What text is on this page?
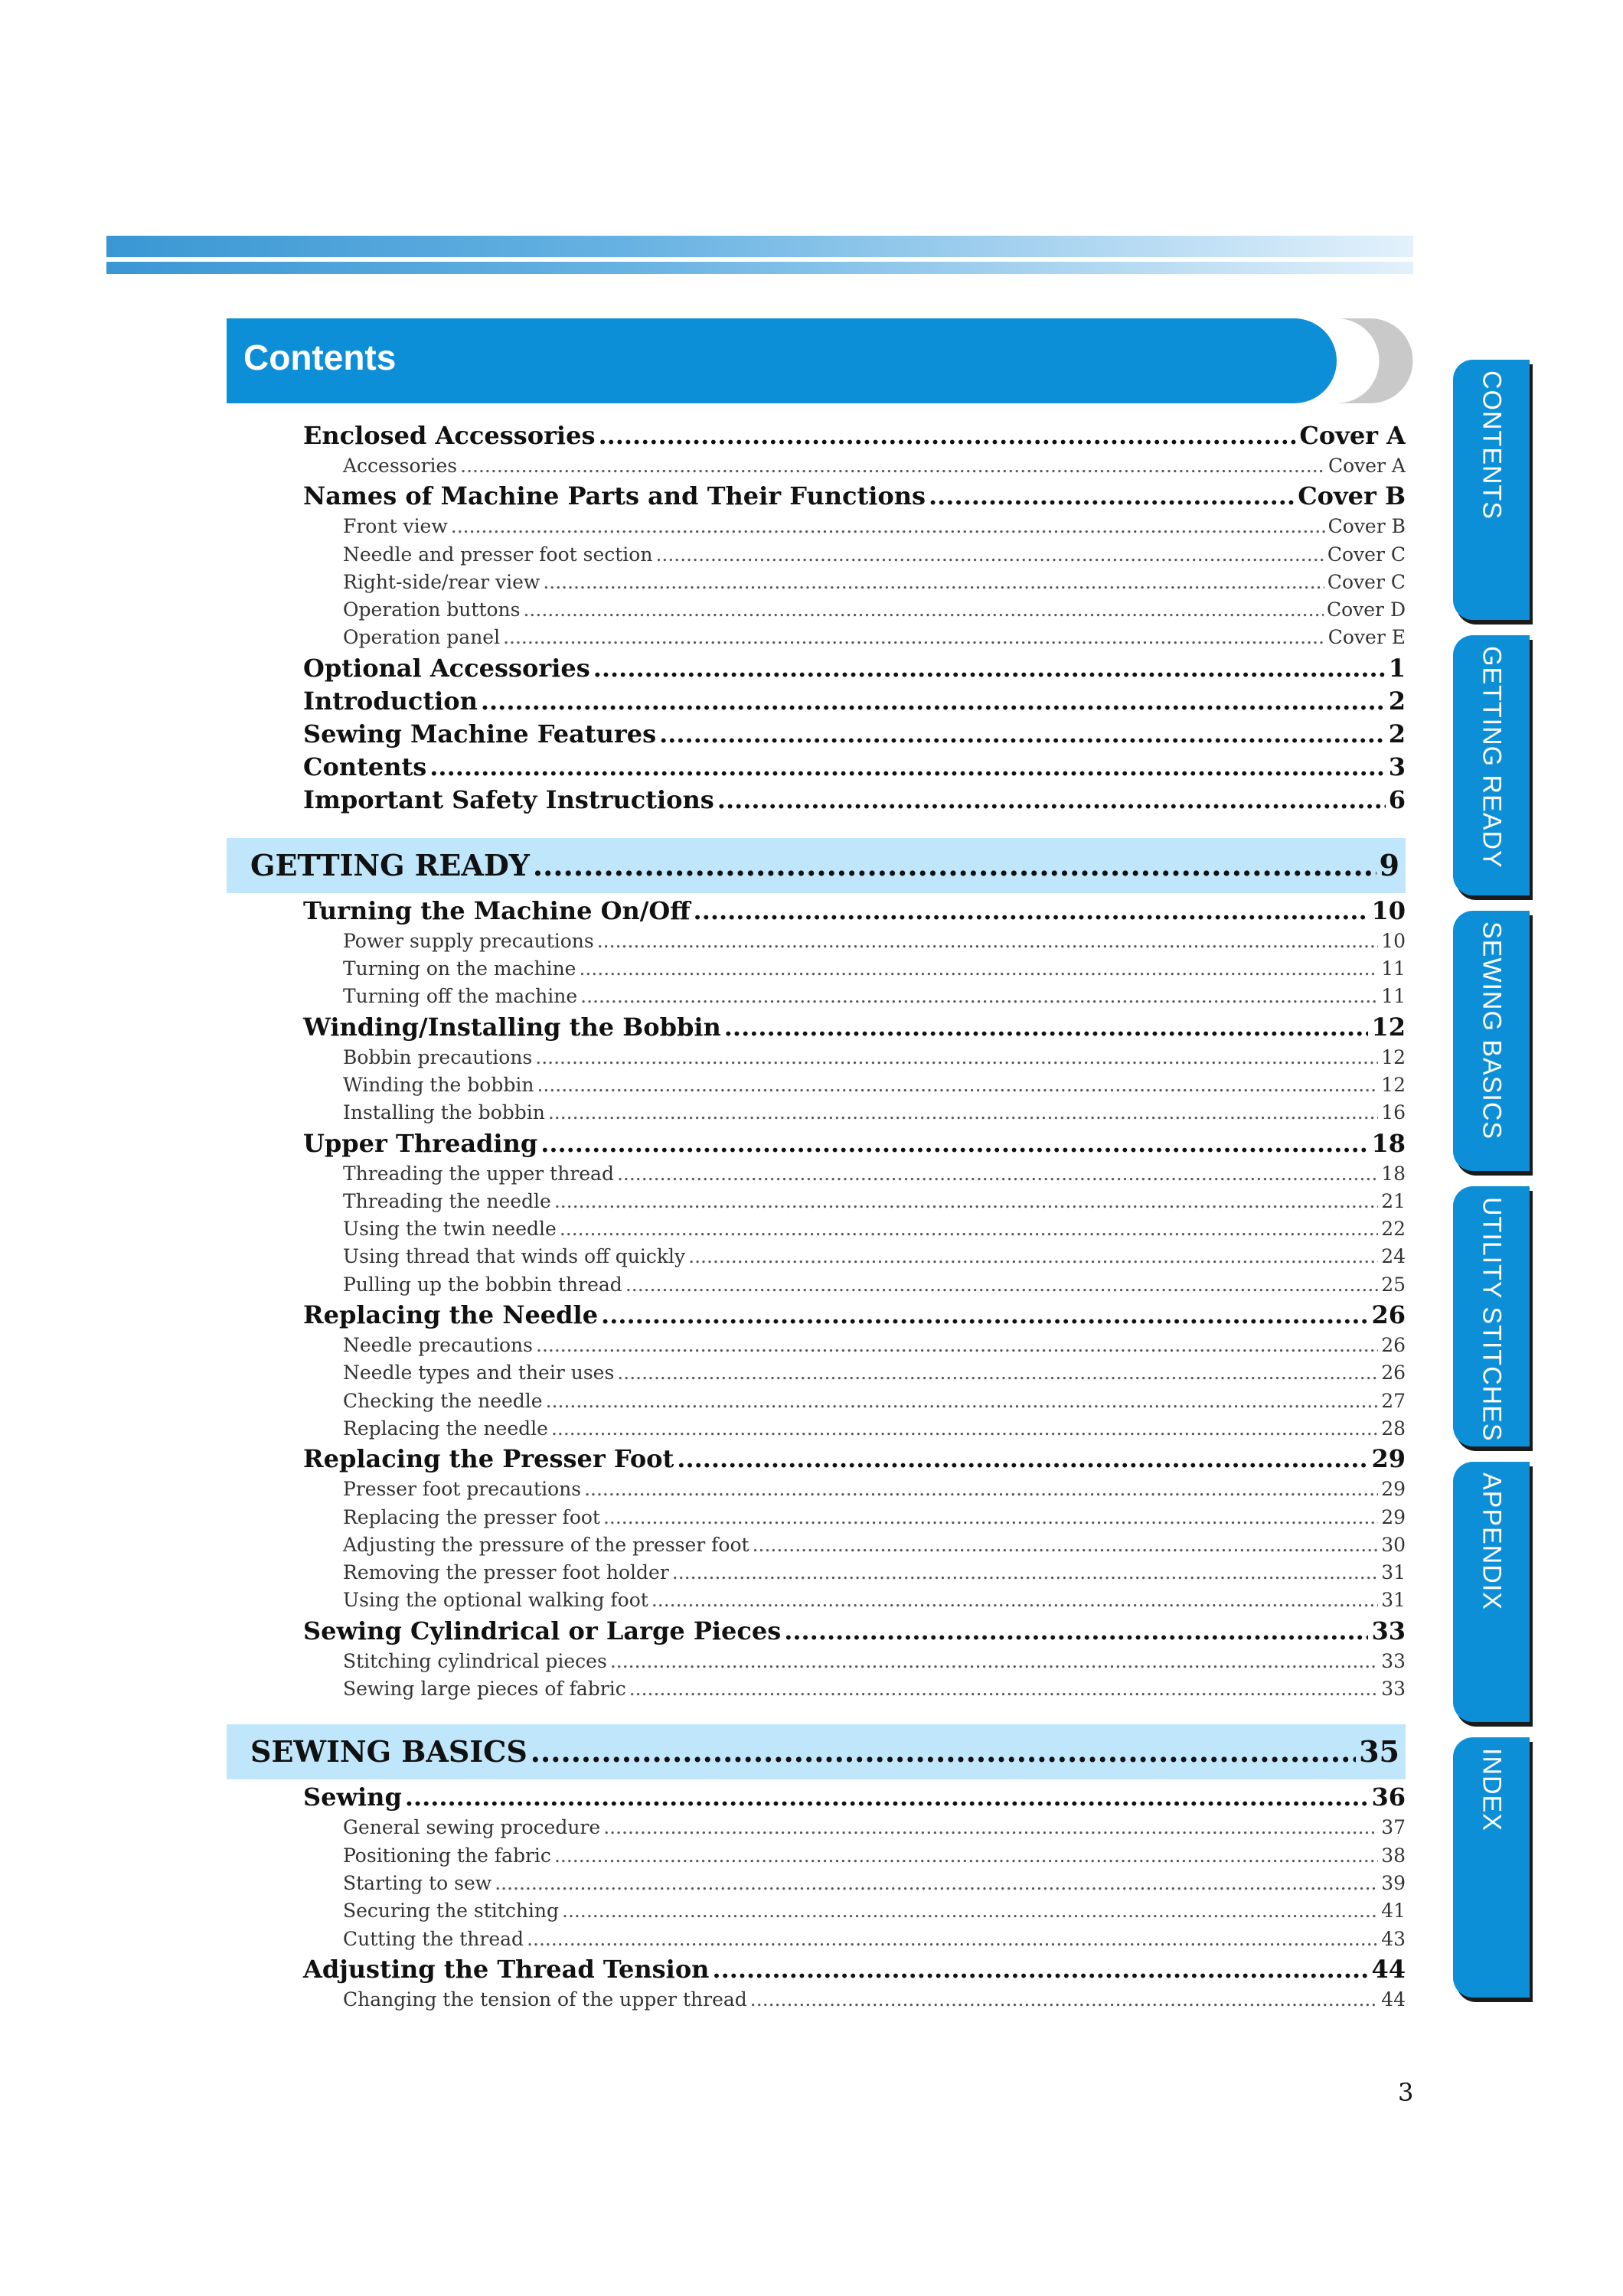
Contents
Enclosed Accessories .....	Cover A
Accessories .....	Cover A
Names of Machine Parts and Their Functions .....	Cover B
Front view .....	Cover B
Needle and presser foot section .....	Cover C
Right-side/rear view .....	Cover C
Operation buttons .....	Cover D
Operation panel .....	Cover E
Optional Accessories .....	1
Introduction .....	2
Sewing Machine Features .....	2
Contents .....	3
Important Safety Instructions .....	6
GETTING READY .....	9
Turning the Machine On/Off .....	10
Power supply precautions .....	10
Turning on the machine .....	11
Turning off the machine .....	11
Winding/Installing the Bobbin .....	12
Bobbin precautions .....	12
Winding the bobbin .....	12
Installing the bobbin .....	16
Upper Threading .....	18
Threading the upper thread .....	18
Threading the needle .....	21
Using the twin needle .....	22
Using thread that winds off quickly .....	24
Pulling up the bobbin thread .....	25
Replacing the Needle .....	26
Needle precautions .....	26
Needle types and their uses .....	26
Checking the needle .....	27
Replacing the needle .....	28
Replacing the Presser Foot .....	29
Presser foot precautions .....	29
Replacing the presser foot .....	29
Adjusting the pressure of the presser foot .....	30
Removing the presser foot holder .....	31
Using the optional walking foot .....	31
Sewing Cylindrical or Large Pieces .....	33
Stitching cylindrical pieces .....	33
Sewing large pieces of fabric .....	33
SEWING BASICS .....	35
Sewing .....	36
General sewing procedure .....	37
Positioning the fabric .....	38
Starting to sew .....	39
Securing the stitching .....	41
Cutting the thread .....	43
Adjusting the Thread Tension .....	44
Changing the tension of the upper thread .....	44
CONTENTS
GETTING READY
SEWING BASICS
UTILITY STITCHES
APPENDIX
INDEX
3
